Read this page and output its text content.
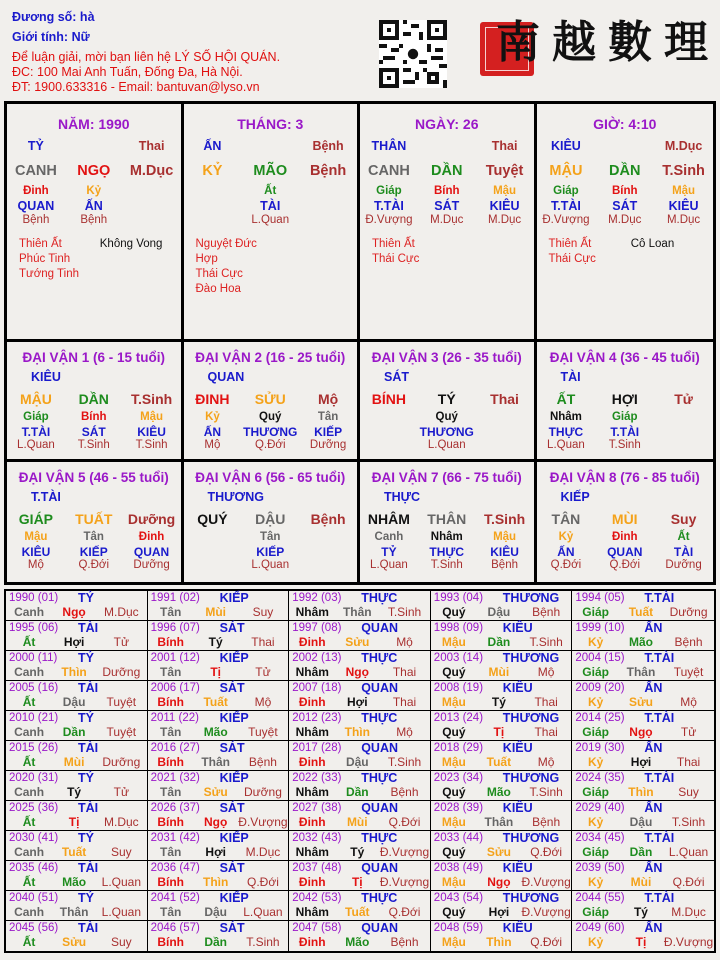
Đương số: hà
Giới tính: Nữ
Để luận giải, mời bạn liên hệ LÝ SỐ HỘI QUÁN.
ĐC: 100 Mai Anh Tuấn, Đống Đa, Hà Nội.
ĐT: 1900.633316 - Email: bantuvan@lyso.vn
南越數理
NĂM: 1990
TỶ	Thai
CANH	NGỌ	M.Dục
Đinh	Kỷ
QUAN	ẤN
Bệnh	Bệnh
Thiên Ất
Phúc Tinh
Tướng Tinh
Không Vong
THÁNG: 3
ẤN	Bệnh
KỶ	MÃO	Bệnh
Ất
TÀI
L.Quan
Nguyệt Đức Hợp
Thái Cực
Đào Hoa
NGÀY: 26
THÂN	Thai
CANH	DẦN	Tuyệt
Giáp	Bính	Mậu
T.TÀI	SÁT	KIÊU
Đ.Vượng	M.Dục	M.Dục
Thiên Ất
Thái Cực
GIỜ: 4:10
KIÊU	M.Dục
MẬU	DẦN	T.Sinh
Giáp	Bính	Mậu
T.TÀI	SÁT	KIÊU
Đ.Vượng	M.Dục	M.Dục
Thiên Ất
Thái Cực
Cô Loan
ĐẠI VẬN 1 (6 - 15 tuổi)
KIÊU
MẬU	DẦN	T.Sinh
Giáp	Bính	Mậu
T.TÀI	SÁT	KIÊU
L.Quan	T.Sinh	T.Sinh
ĐẠI VẬN 2 (16 - 25 tuổi)
QUAN
ĐINH	SỬU	Mộ
Kỷ	Quý	Tân
ẤN	THƯƠNG	KIẾP
Mộ	Q.Đới	Dưỡng
ĐẠI VẬN 3 (26 - 35 tuổi)
SÁT
BÍNH	TÝ	Thai
Quý
THƯƠNG
L.Quan
ĐẠI VẬN 4 (36 - 45 tuổi)
TÀI
ẤT	HỢI	Tử
Nhâm	Giáp
THỰC	T.TÀI
L.Quan	T.Sinh
ĐẠI VẬN 5 (46 - 55 tuổi)
T.TÀI
GIÁP	TUẤT	Dưỡng
Mậu	Tân	Đinh
KIÊU	KIẾP	QUAN
Mộ	Q.Đới	Dưỡng
ĐẠI VẬN 6 (56 - 65 tuổi)
THƯƠNG
QUÝ	DẬU	Bệnh
Tân
KIẾP
L.Quan
ĐẠI VẬN 7 (66 - 75 tuổi)
THỰC
NHÂM	THÂN	T.Sinh
Canh	Nhâm	Mậu
TỶ	THỰC	KIÊU
L.Quan	T.Sinh	Bệnh
ĐẠI VẬN 8 (76 - 85 tuổi)
KIẾP
TÂN	MÙI	Suy
Kỷ	Đinh	Ất
ẤN	QUAN	TÀI
Q.Đới	Q.Đới	Dưỡng
1990 (01) TỶ
Canh	Ngọ	M.Dục
1991 (02) KIẾP
Tân	Mùi	Suy
1992 (03) THỰC
Nhâm	Thân	T.Sinh
1993 (04) THƯƠNG
Quý	Dậu	Bệnh
1994 (05) T.TÀI
Giáp	Tuất	Dưỡng
1995 (06) TÀI
Ất	Hợi	Tử
1996 (07) SÁT
Bính	Tý	Thai
1997 (08) QUAN
Đinh	Sửu	Mộ
1998 (09) KIÊU
Mậu	Dần	T.Sinh
1999 (10) ẤN
Kỷ	Mão	Bệnh
2000 (11) TỶ
Canh	Thìn	Dưỡng
2001 (12) KIẾP
Tân	Tị	Tử
2002 (13) THỰC
Nhâm	Ngọ	Thai
2003 (14) THƯƠNG
Quý	Mùi	Mộ
2004 (15) T.TÀI
Giáp	Thân	Tuyệt
2005 (16) TÀI
Ất	Dậu	Tuyệt
2006 (17) SÁT
Bính	Tuất	Mộ
2007 (18) QUAN
Đinh	Hợi	Thai
2008 (19) KIÊU
Mậu	Tý	Thai
2009 (20) ẤN
Kỷ	Sửu	Mộ
2010 (21) TỶ
Canh	Dần	Tuyệt
2011 (22) KIẾP
Tân	Mão	Tuyệt
2012 (23) THỰC
Nhâm	Thìn	Mộ
2013 (24) THƯƠNG
Quý	Tị	Thai
2014 (25) T.TÀI
Giáp	Ngọ	Tử
2015 (26) TÀI
Ất	Mùi	Dưỡng
2016 (27) SÁT
Bính	Thân	Bệnh
2017 (28) QUAN
Đinh	Dậu	T.Sinh
2018 (29) KIÊU
Mậu	Tuất	Mộ
2019 (30) ẤN
Kỷ	Hợi	Thai
2020 (31) TỶ
Canh	Tý	Tử
2021 (32) KIẾP
Tân	Sửu	Dưỡng
2022 (33) THỰC
Nhâm	Dần	Bệnh
2023 (34) THƯƠNG
Quý	Mão	T.Sinh
2024 (35) T.TÀI
Giáp	Thìn	Suy
2025 (36) TÀI
Ất	Tị	M.Dục
2026 (37) SÁT
Bính	Ngọ Đ.Vượng
2027 (38) QUAN
Đinh	Mùi	Q.Đới
2028 (39) KIÊU
Mậu	Thân	Bệnh
2029 (40) ẤN
Kỷ	Dậu	T.Sinh
2030 (41) TỶ
Canh	Tuất	Suy
2031 (42) KIẾP
Tân	Hợi	M.Dục
2032 (43) THỰC
Nhâm	Tý	Đ.Vượng
2033 (44) THƯƠNG
Quý	Sửu	Q.Đới
2034 (45) T.TÀI
Giáp	Dần	L.Quan
2035 (46) TÀI
Ất	Mão	L.Quan
2036 (47) SÁT
Bính	Thìn	Q.Đới
2037 (48) QUAN
Đinh	Tị	Đ.Vượng
2038 (49) KIÊU
Mậu	Ngọ Đ.Vượng
2039 (50) ẤN
Kỷ	Mùi	Q.Đới
2040 (51) TỶ
Canh	Thân	L.Quan
2041 (52) KIẾP
Tân	Dậu	L.Quan
2042 (53) THỰC
Nhâm	Tuất	Q.Đới
2043 (54) THƯƠNG
Quý	Hợi	Đ.Vượng
2044 (55) T.TÀI
Giáp	Tý	M.Dục
2045 (56) TÀI
Ất	Sửu	Suy
2046 (57) SÁT
Bính	Dần	T.Sinh
2047 (58) QUAN
Đinh	Mão	Bệnh
2048 (59) KIÊU
Mậu	Thìn	Q.Đới
2049 (60) ẤN
Kỷ	Tị	Đ.Vượng
